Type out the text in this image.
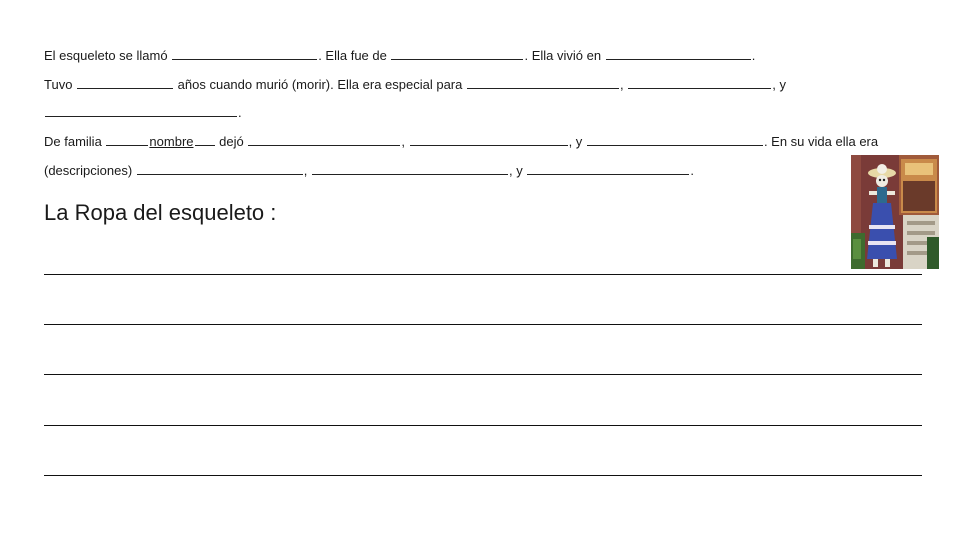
El esqueleto se llamó	. Ella fue de	. Ella vivió en	.
Tuvo	años cuando murió (morir). Ella era especial para	,	, y
.
De familia	nombre dejó	,	, y	. En su vida ella era
(descripciones)	,	, y	.
La Ropa del esqueleto :
